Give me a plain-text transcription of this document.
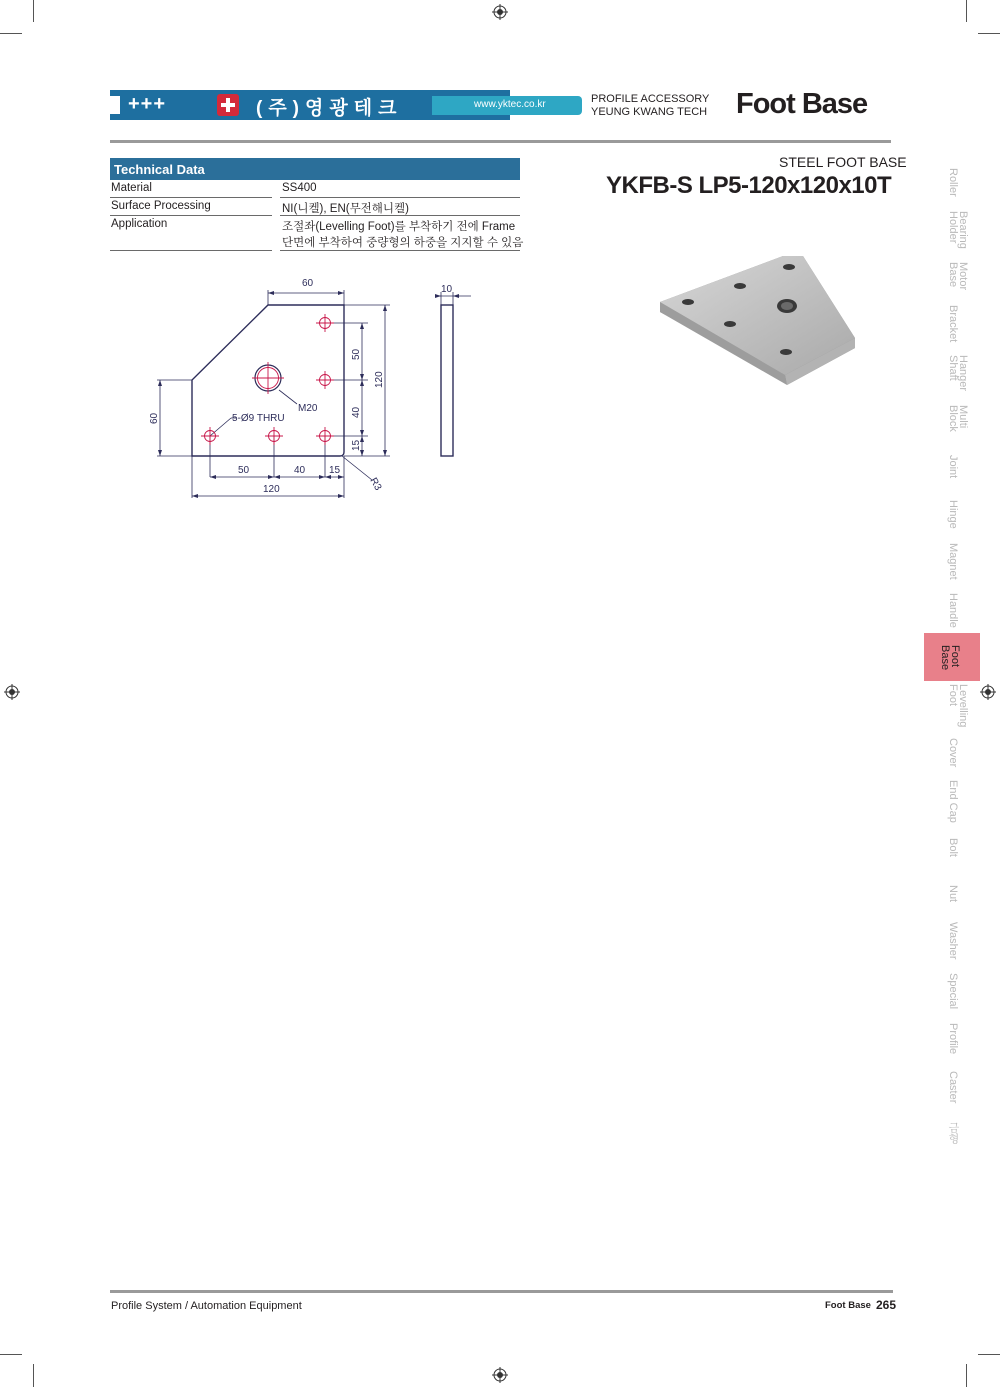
+++	(주)영광테크	www.yktec.co.kr	PROFILE ACCESSORY
YEUNG KWANG TECH Foot Base
Technical Data
Material	SS400
Surface Processing	NI(니켈), EN(무전해니켈)
Application	조절좌(Levelling Foot)를 부착하기 전에 Frame
단면에 부착하여 중량형의 하중을 지지할 수 있음
STEEL FOOT BASE
YKFB-S LP5-120x120x10T
60
10
50
40
15
120
60
50	40 15
120	R3
M20
5-Ø9 THRU
Roller
Bearing
Holder
Motor
Base
Bracket
Hanger
Shaft
Multi
Block
Joint
Hinge
Magnet
Handle
Foot
Base
Levelling
Foot
Cover
End Cap
Bolt
Nut
Washer
Special
Profile
Caster
금형
Profile System / Automation Equipment	Foot Base 265
